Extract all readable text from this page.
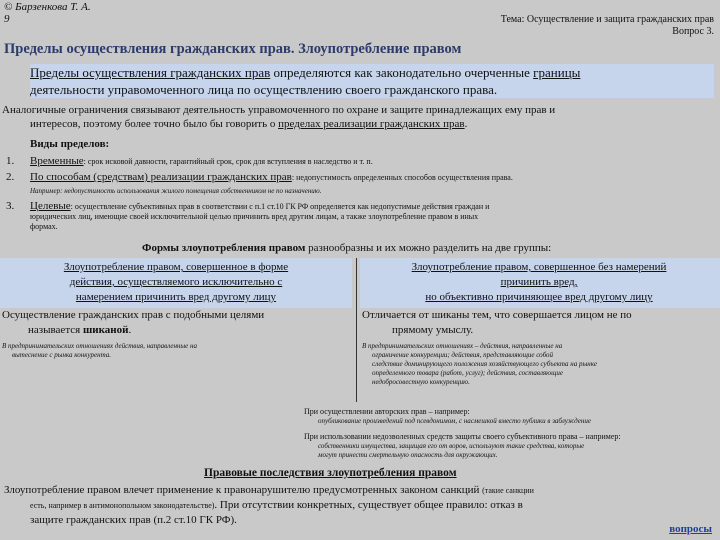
© Барзенкова Т. А.
9	Тема: Осуществление и защита гражданских прав
Вопрос 3.
Пределы осуществления гражданских прав. Злоупотребление правом
Пределы осуществления гражданских прав определяются как законодательно очерченные границы
деятельности управомоченного лица по осуществлению своего гражданского права.
Аналогичные ограничения связывают деятельность управомоченного по охране и защите принадлежащих ему прав и
интересов, поэтому более точно было бы говорить о пределах реализации гражданских прав.
Виды пределов:
1. Временные: срок исковой давности, гарантийный срок, срок для вступления в наследство и т. п.
2. По способам (средствам) реализации гражданских прав: недопустимость определенных способов осуществления права.
Например: недопустимость использования жилого помещения собственником не по назначению.
3. Целевые: осуществление субъективных прав в соответствии с п.1 ст.10 ГК РФ определяется как недопустимые действия граждан и
юридических лиц, имеющие своей исключительной целью причинить вред другим лицам, а также злоупотребление правом в иных
формах.
Формы злоупотребления правом разнообразны и их можно разделить на две группы:
Злоупотребление правом, совершенное в форме
действия, осуществляемого исключительно с
намерением причинить вред другому лицу
Осуществление гражданских прав с подобными целями
называется шиканой.
В предпринимательских отношениях действия, направленные на
вытеснение с рынка конкурента.
Злоупотребление правом, совершенное без намерений
причинить вред,
но объективно причиняющее вред другому лицу
Отличается от шиканы тем, что совершается лицом не по
прямому умыслу.
В предпринимательских отношениях – действия, направленные на
ограничение конкуренции; действия, представляющие собой
следствие доминирующего положения хозяйствующего субъекта на рынке
определенного товара (работ, услуг); действия, составляющие
недобросовестную конкуренцию.
При осуществлении авторских прав – например:
опубликование произведений под псевдонимом, с насмешкой вместо публики в заблуждение
При использовании недозволенных средств защиты своего субъективного права – например:
собственники имущества, защищая его от воров, используют такие средства, которые
могут принести смертельную опасность для окружающих.
Правовые последствия злоупотребления правом
Злоупотребление правом влечет применение к правонарушителю предусмотренных законом санкций (такие санкции
есть, например в антимонопольном законодательстве). При отсутствии конкретных, существует общее правило: отказ в
защите гражданских прав (п.2 ст.10 ГК РФ).
вопросы
